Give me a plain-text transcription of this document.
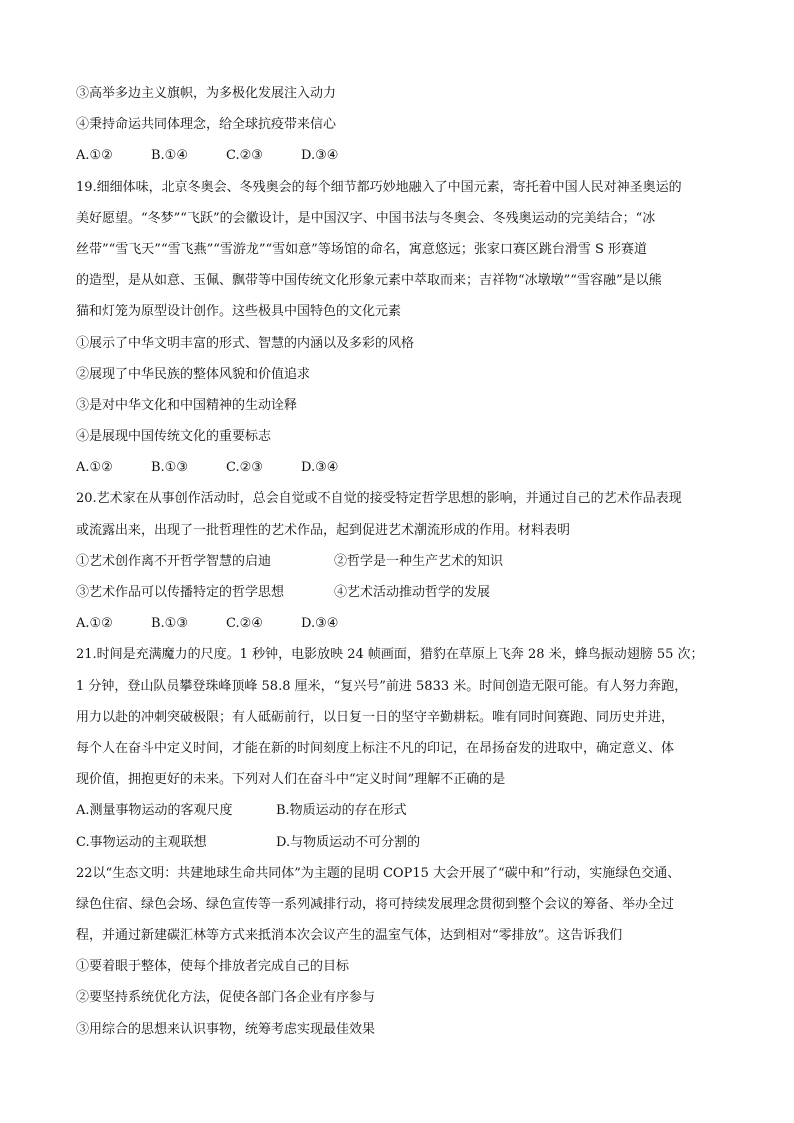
③高举多边主义旗帜，为多极化发展注入动力
④秉持命运共同体理念，给全球抗疫带来信心
A.①②	B.①④	C.②③	D.③④
19.细细体味，北京冬奥会、冬残奥会的每个细节都巧妙地融入了中国元素，寄托着中国人民对神圣奥运的
美好愿望。“冬梦”“飞跃”的会徽设计，是中国汉字、中国书法与冬奥会、冬残奥运动的完美结合；“冰
丝带”“雪飞天”“雪飞燕”“雪游龙”“雪如意”等场馆的命名，寓意悠远；张家口赛区跳台滑雪 S 形赛道
的造型，是从如意、玉佩、飘带等中国传统文化形象元素中萃取而来；吉祥物“冰墩墩”“雪容融”是以熊
猫和灯笼为原型设计创作。这些极具中国特色的文化元素
①展示了中华文明丰富的形式、智慧的内涵以及多彩的风格
②展现了中华民族的整体风貌和价值追求
③是对中华文化和中国精神的生动诠释
④是展现中国传统文化的重要标志
A.①②	B.①③	C.②③	D.③④
20.艺术家在从事创作活动时，总会自觉或不自觉的接受特定哲学思想的影响，并通过自己的艺术作品表现
或流露出来，出现了一批哲理性的艺术作品，起到促进艺术潮流形成的作用。材料表明
①艺术创作离不开哲学智慧的启迪	②哲学是一种生产艺术的知识
③艺术作品可以传播特定的哲学思想	④艺术活动推动哲学的发展
A.①②	B.①③	C.②④	D.③④
21.时间是充满魔力的尺度。1 秒钟，电影放映 24 帧画面，猎豹在草原上飞奔 28 米，蜂鸟振动翅膀 55 次；
1 分钟，登山队员攀登珠峰顶峰 58.8 厘米，“复兴号”前进 5833 米。时间创造无限可能。有人努力奔跑，
用力以赴的冲刺突破极限；有人砥砺前行，以日复一日的坚守辛勤耕耘。唯有同时间赛跑、同历史并进，
每个人在奋斗中定义时间，才能在新的时间刻度上标注不凡的印记，在昂扬奋发的进取中，确定意义、体
现价值，拥抱更好的未来。下列对人们在奋斗中“定义时间”理解不正确的是
A.测量事物运动的客观尺度	B.物质运动的存在形式
C.事物运动的主观联想	D.与物质运动不可分割的
22以“生态文明：共建地球生命共同体”为主题的昆明 COP15 大会开展了“碳中和”行动，实施绿色交通、
绿色住宿、绿色会场、绿色宣传等一系列减排行动，将可持续发展理念贯彻到整个会议的筹备、举办全过
程，并通过新建碳汇林等方式来抵消本次会议产生的温室气体，达到相对“零排放”。这告诉我们
①要着眼于整体，使每个排放者完成自己的目标
②要坚持系统优化方法，促使各部门各企业有序参与
③用综合的思想来认识事物，统筹考虑实现最佳效果
